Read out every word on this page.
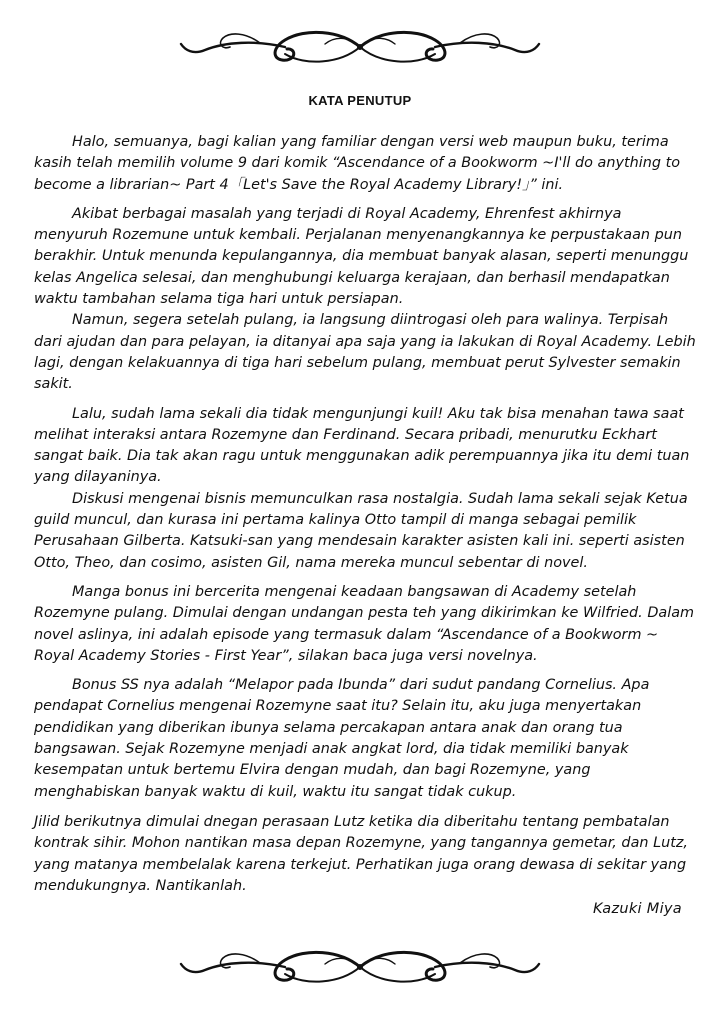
KATA PENUTUP

Halo, semuanya, bagi kalian yang familiar dengan versi web maupun buku, terima kasih telah memilih volume 9 dari komik “Ascendance of a Bookworm ~I'll do anything to become a librarian~ Part 4「Let's Save the Royal Academy Library!」” ini.

Akibat berbagai masalah yang terjadi di Royal Academy, Ehrenfest akhirnya menyuruh Rozemune untuk kembali. Perjalanan menyenangkannya ke perpustakaan pun berakhir. Untuk menunda kepulangannya, dia membuat banyak alasan, seperti menunggu kelas Angelica selesai, dan menghubungi keluarga kerajaan, dan berhasil mendapatkan waktu tambahan selama tiga hari untuk persiapan.

Namun, segera setelah pulang, ia langsung diintrogasi oleh para walinya. Terpisah dari ajudan dan para pelayan, ia ditanyai apa saja yang ia lakukan di Royal Academy. Lebih lagi, dengan kelakuannya di tiga hari sebelum pulang, membuat perut Sylvester semakin sakit.

Lalu, sudah lama sekali dia tidak mengunjungi kuil! Aku tak bisa menahan tawa saat melihat interaksi antara Rozemyne dan Ferdinand. Secara pribadi, menurutku Eckhart sangat baik. Dia tak akan ragu untuk menggunakan adik perempuannya jika itu demi tuan yang dilayaninya.

Diskusi mengenai bisnis memunculkan rasa nostalgia. Sudah lama sekali sejak Ketua guild muncul, dan kurasa ini pertama kalinya Otto tampil di manga sebagai pemilik Perusahaan Gilberta. Katsuki-san yang mendesain karakter asisten kali ini. seperti asisten Otto, Theo, dan cosimo, asisten Gil, nama mereka muncul sebentar di novel.

Manga bonus ini bercerita mengenai keadaan bangsawan di Academy setelah Rozemyne pulang. Dimulai dengan undangan pesta teh yang dikirimkan ke Wilfried. Dalam novel aslinya, ini adalah episode yang termasuk dalam “Ascendance of a Bookworm ~ Royal Academy Stories - First Year”, silakan baca juga versi novelnya.

Bonus SS nya adalah “Melapor pada Ibunda” dari sudut pandang Cornelius. Apa pendapat Cornelius mengenai Rozemyne saat itu? Selain itu, aku juga menyertakan pendidikan yang diberikan ibunya selama percakapan antara anak dan orang tua bangsawan. Sejak Rozemyne menjadi anak angkat lord, dia tidak memiliki banyak kesempatan untuk bertemu Elvira dengan mudah, dan bagi Rozemyne, yang menghabiskan banyak waktu di kuil, waktu itu sangat tidak cukup.

Jilid berikutnya dimulai dnegan perasaan Lutz ketika dia diberitahu tentang pembatalan kontrak sihir. Mohon nantikan masa depan Rozemyne, yang tangannya gemetar, dan Lutz, yang matanya membelalak karena terkejut. Perhatikan juga orang dewasa di sekitar yang mendukungnya. Nantikanlah.

Kazuki Miya
